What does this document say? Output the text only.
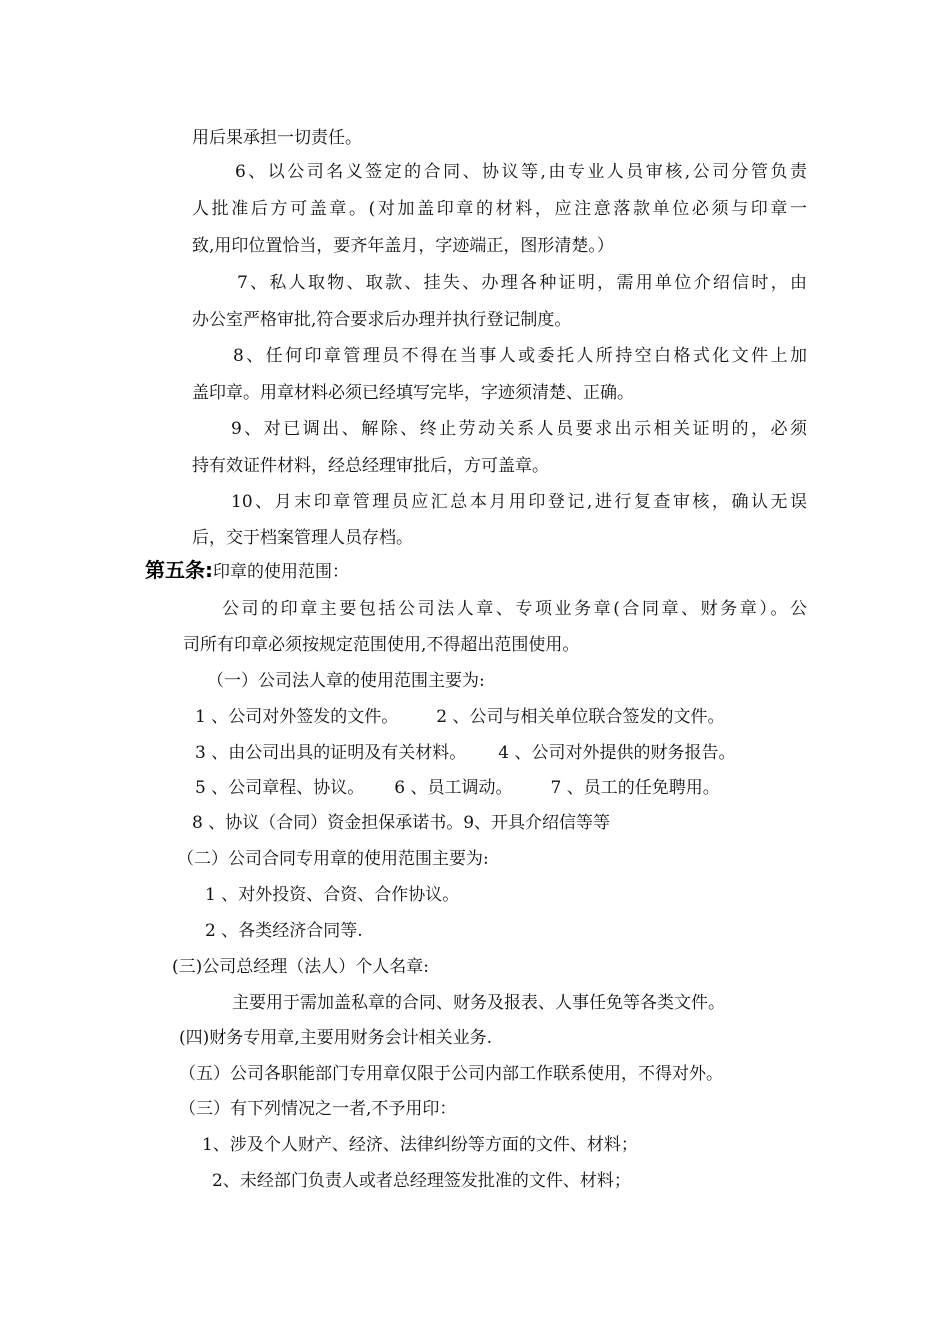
用后果承担一切责任。
6、以公司名义签定的合同、协议等,由专业人员审核,公司分管负责
人批准后方可盖章。(对加盖印章的材料，应注意落款单位必须与印章一
致,用印位置恰当，要齐年盖月，字迹端正，图形清楚。）
7、私人取物、取款、挂失、办理各种证明，需用单位介绍信时，由
办公室严格审批,符合要求后办理并执行登记制度。
8、任何印章管理员不得在当事人或委托人所持空白格式化文件上加
盖印章。用章材料必须已经填写完毕，字迹须清楚、正确。
9、对已调出、解除、终止劳动关系人员要求出示相关证明的，必须
持有效证件材料，经总经理审批后，方可盖章。
10、月末印章管理员应汇总本月用印登记,进行复查审核，确认无误
后，交于档案管理人员存档。
第五条:印章的使用范围：
公司的印章主要包括公司法人章、专项业务章(合同章、财务章）。公
司所有印章必须按规定范围使用,不得超出范围使用。
（一）公司法人章的使用范围主要为:
1 、公司对外签发的文件。 2 、公司与相关单位联合签发的文件。
3 、由公司出具的证明及有关材料。 4 、公司对外提供的财务报告。
5 、公司章程、协议。 6 、员工调动。 7 、员工的任免聘用。
8 、协议（合同）资金担保承诺书。9、开具介绍信等等
（二）公司合同专用章的使用范围主要为:
1 、对外投资、合资、合作协议。
2 、各类经济合同等.
(三)公司总经理（法人）个人名章:
主要用于需加盖私章的合同、财务及报表、人事任免等各类文件。
(四)财务专用章,主要用财务会计相关业务.
（五）公司各职能部门专用章仅限于公司内部工作联系使用，不得对外。
（三）有下列情况之一者,不予用印：
1、涉及个人财产、经济、法律纠纷等方面的文件、材料；
2、未经部门负责人或者总经理签发批准的文件、材料；
